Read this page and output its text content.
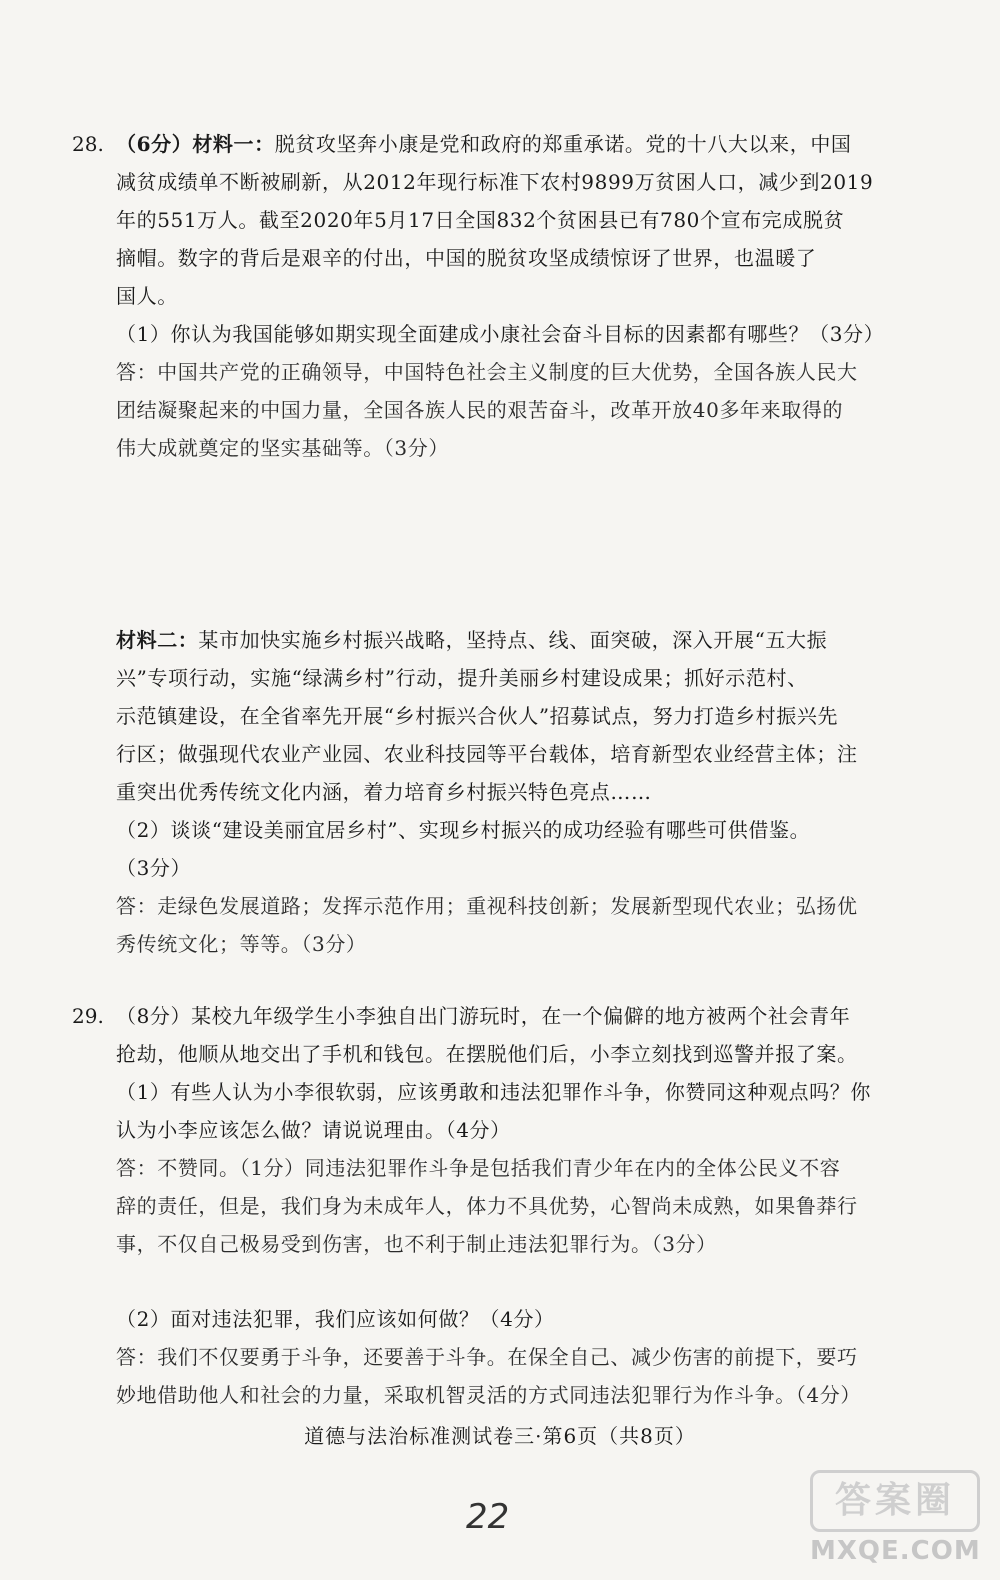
28. （6分）材料一：脱贫攻坚奔小康是党和政府的郑重承诺。党的十八大以来，中国
减贫成绩单不断被刷新，从2012年现行标准下农村9899万贫困人口，减少到2019
年的551万人。截至2020年5月17日全国832个贫困县已有780个宣布完成脱贫
摘帽。数字的背后是艰辛的付出，中国的脱贫攻坚成绩惊讶了世界，也温暖了
国人。
（1）你认为我国能够如期实现全面建成小康社会奋斗目标的因素都有哪些？（3分）
答：中国共产党的正确领导，中国特色社会主义制度的巨大优势，全国各族人民大
团结凝聚起来的中国力量，全国各族人民的艰苦奋斗，改革开放40多年来取得的
伟大成就奠定的坚实基础等。（3分）
材料二：某市加快实施乡村振兴战略，坚持点、线、面突破，深入开展“五大振
兴”专项行动，实施“绿满乡村”行动，提升美丽乡村建设成果；抓好示范村、
示范镇建设，在全省率先开展“乡村振兴合伙人”招募试点，努力打造乡村振兴先
行区；做强现代农业产业园、农业科技园等平台载体，培育新型农业经营主体；注
重突出优秀传统文化内涵，着力培育乡村振兴特色亮点……
（2）谈谈“建设美丽宜居乡村”、实现乡村振兴的成功经验有哪些可供借鉴。
（3分）
答：走绿色发展道路；发挥示范作用；重视科技创新；发展新型现代农业；弘扬优
秀传统文化；等等。（3分）
29. （8分）某校九年级学生小李独自出门游玩时，在一个偏僻的地方被两个社会青年
抢劫，他顺从地交出了手机和钱包。在摆脱他们后，小李立刻找到巡警并报了案。
（1）有些人认为小李很软弱，应该勇敢和违法犯罪作斗争，你赞同这种观点吗？你
认为小李应该怎么做？请说说理由。（4分）
答：不赞同。（1分）同违法犯罪作斗争是包括我们青少年在内的全体公民义不容
辞的责任，但是，我们身为未成年人，体力不具优势，心智尚未成熟，如果鲁莽行
事，不仅自己极易受到伤害，也不利于制止违法犯罪行为。（3分）
（2）面对违法犯罪，我们应该如何做？（4分）
答：我们不仅要勇于斗争，还要善于斗争。在保全自己、减少伤害的前提下，要巧
妙地借助他人和社会的力量，采取机智灵活的方式同违法犯罪行为作斗争。（4分）
道德与法治标准测试卷三·第6页（共8页）
22	答案圈
MXQE.COM
